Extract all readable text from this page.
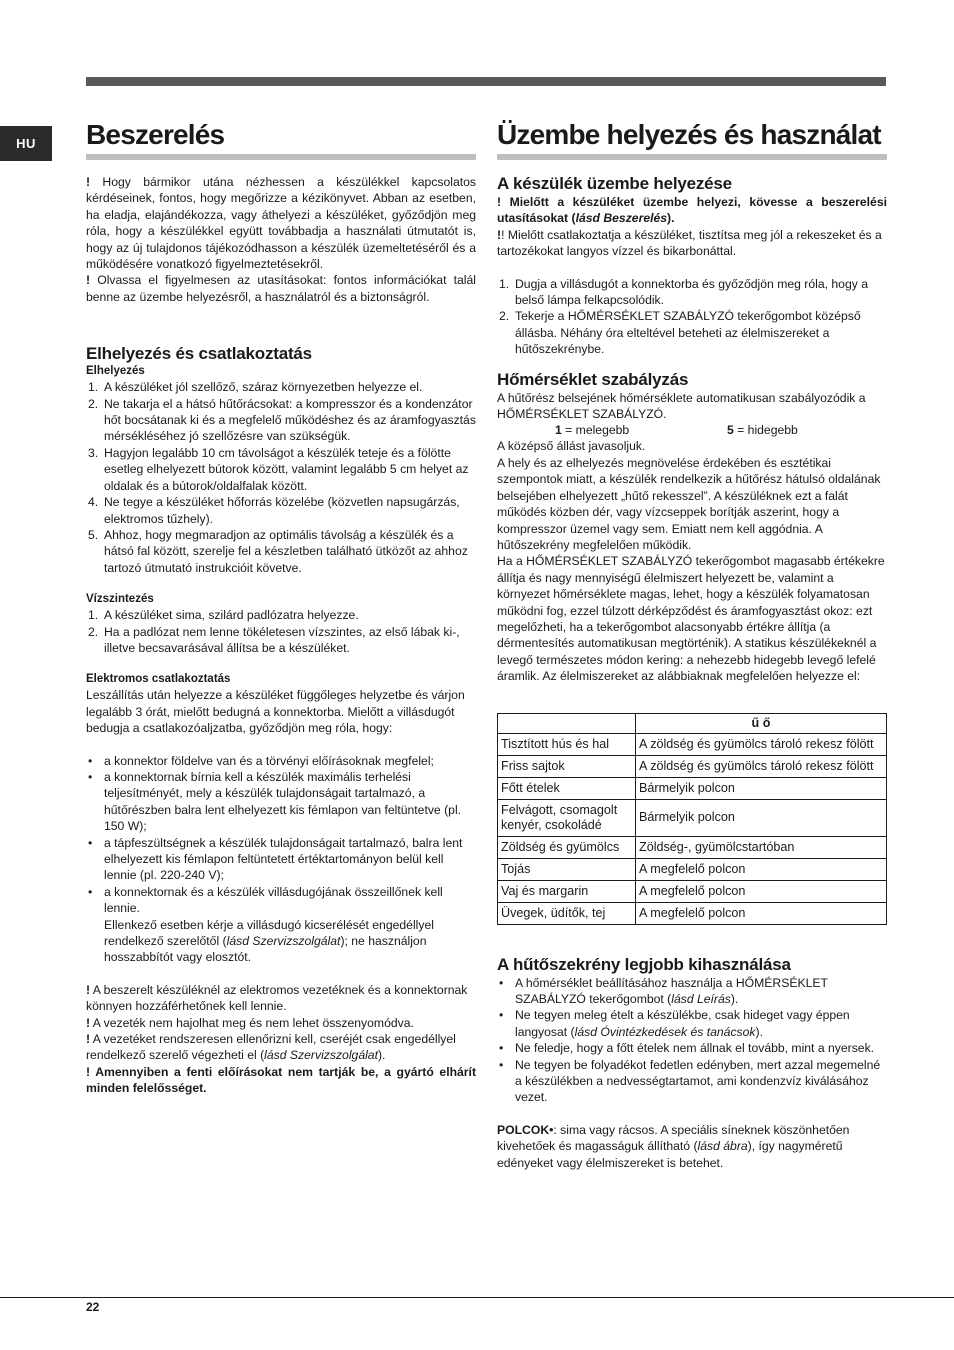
HU	Beszerelés

! Hogy bármikor utána nézhessen a készülékkel kapcsolatos kérdéseinek, fontos, hogy megőrizze a kézikönyvet. Abban az esetben, ha eladja, elajándékozza, vagy áthelyezi a készüléket, győződjön meg róla, hogy a készülékkel együtt továbbadja a használati útmutatót is, hogy az új tulajdonos tájékozódhasson a készülék üzemeltetéséről és a működésére vonatkozó figyelmeztetésekről.

! Olvassa el figyelmesen az utasításokat: fontos információkat talál benne az üzembe helyezésről, a használatról és a biztonságról.

Elhelyezés és csatlakoztatás
Elhelyezés
1. A készüléket jól szellőző, száraz környezetben helyezze el.
2. Ne takarja el a hátsó hűtőrácsokat: a kompresszor és a kondenzátor hőt bocsátanak ki és a megfelelő működéshez és az áramfogyasztás mérsékléséhez jó szellőzésre van szükségük.
3. Hagyjon legalább 10 cm távolságot a készülék teteje és a fölötte esetleg elhelyezett bútorok között, valamint legalább 5 cm helyet az oldalak és a bútorok/oldalfalak között.
4. Ne tegye a készüléket hőforrás közelébe (közvetlen napsugárzás, elektromos tűzhely).
5. Ahhoz, hogy megmaradjon az optimális távolság a készülék és a hátsó fal között, szerelje fel a készletben található ütközőt az ahhoz tartozó útmutató instrukcióit követve.
Vízszintezés
1. A készüléket sima, szilárd padlózatra helyezze.
2. Ha a padlózat nem lenne tökéletesen vízszintes, az első lábak ki-, illetve becsavarásával állítsa be a készüléket.
Elektromos csatlakoztatás

Leszállítás után helyezze a készüléket függőleges helyzetbe és várjon legalább 3 órát, mielőtt bedugná a konnektorba. Mielőtt a villásdugót bedugja a csatlakozóaljzatba, győződjön meg róla, hogy:

• a konnektor földelve van és a törvényi előírásoknak megfelel;
• a konnektornak bírnia kell a készülék maximális terhelési teljesítményét, mely a készülék tulajdonságait tartalmazó, a hűtőrészben balra lent elhelyezett kis fémlapon van feltüntetve (pl. 150 W);
• a tápfeszültségnek a készülék tulajdonságait tartalmazó, balra lent elhelyezett kis fémlapon feltüntetett értéktartományon belül kell lennie (pl. 220-240 V);
• a konnektornak és a készülék villásdugójának összeillőnek kell lennie.
Ellenkező esetben kérje a villásdugó kicserélését engedéllyel rendelkező szerelőtől (lásd Szervizszolgálat); ne használjon hosszabbítót vagy elosztót.

! A beszerelt készüléknél az elektromos vezetéknek és a konnektornak könnyen hozzáférhetőnek kell lennie.

! A vezeték nem hajolhat meg és nem lehet összenyomódva.

! A vezetéket rendszeresen ellenőrizni kell, cseréjét csak engedéllyel rendelkező szerelő végezheti el (lásd Szervizszolgálat).

! Amennyiben a fenti előírásokat nem tartják be, a gyártó elhárít minden felelősséget.

Üzembe helyezés és használat
A készülék üzembe helyezése

! Mielőtt a készüléket üzembe helyezi, kövesse a beszerelési utasításokat (lásd Beszerelés).

!! Mielőtt csatlakoztatja a készüléket, tisztítsa meg jól a rekeszeket és a tartozékokat langyos vízzel és bikarbonáttal.

1. Dugja a villásdugót a konnektorba és győződjön meg róla, hogy a belső lámpa felkapcsolódik.
2. Tekerje a HŐMÉRSÉKLET SZABÁLYZÓ tekerőgombot középső állásba. Néhány óra elteltével beteheti az élelmiszereket a hűtőszekrénybe.
Hőmérséklet szabályzás

A hűtőrész belsejének hőmérséklete automatikusan szabályozódik a HŐMÉRSÉKLET SZABÁLYZÓ.

1 = melegebb	5 = hidegebb

A középső állást javasoljuk.

A hely és az elhelyezés megnövelése érdekében és esztétikai szempontok miatt, a készülék rendelkezik a hűtőrész hátulsó oldalának belsejében elhelyezett „hűtő rekesszel”. A készüléknek ezt a falát működés közben dér, vagy vízcseppek borítják aszerint, hogy a kompresszor üzemel vagy sem. Emiatt nem kell aggódnia. A hűtőszekrény megfelelően működik.

Ha a HŐMÉRSÉKLET SZABÁLYZÓ tekerőgombot magasabb értékekre állítja és nagy mennyiségű élelmiszert helyezett be, valamint a környezet hőmérséklete magas, lehet, hogy a készülék folyamatosan működni fog, ezzel túlzott dérképződést és áramfogyasztást okoz: ezt megelőzheti, ha a tekerőgombot alacsonyabb értékre állítja (a dérmentesítés automatikusan megtörténik). A statikus készülékeknél a levegő természetes módon kering: a nehezebb hidegebb levegő lefelé áramlik. Az élelmiszereket az alábbiaknak megfelelően helyezze el:

	ű ő
Tisztított hús és hal	A zöldség és gyümölcs tároló rekesz fölött
Friss sajtok	A zöldség és gyümölcs tároló rekesz fölött
Főtt ételek	Bármelyik polcon
Felvágott, csomagolt kenyér, csokoládé	Bármelyik polcon
Zöldség és gyümölcs	Zöldség-, gyümölcstartóban
Tojás	A megfelelő polcon
Vaj és margarin	A megfelelő polcon
Üvegek, üdítők, tej	A megfelelő polcon
A hűtőszekrény legjobb kihasználása
• A hőmérséklet beállításához használja a HŐMÉRSÉKLET SZABÁLYZÓ tekerőgombot (lásd Leírás).
• Ne tegyen meleg ételt a készülékbe, csak hideget vagy éppen langyosat (lásd Óvintézkedések és tanácsok).
• Ne feledje, hogy a főtt ételek nem állnak el tovább, mint a nyersek.
• Ne tegyen be folyadékot fedetlen edényben, mert azzal megemelné a készülékben a nedvességtartamot, ami kondenzvíz kiválásához vezet.

POLCOK•: sima vagy rácsos. A speciális síneknek köszönhetően kivehetőek és magasságuk állítható (lásd ábra), így nagyméretű edényeket vagy élelmiszereket is betehet.

22
